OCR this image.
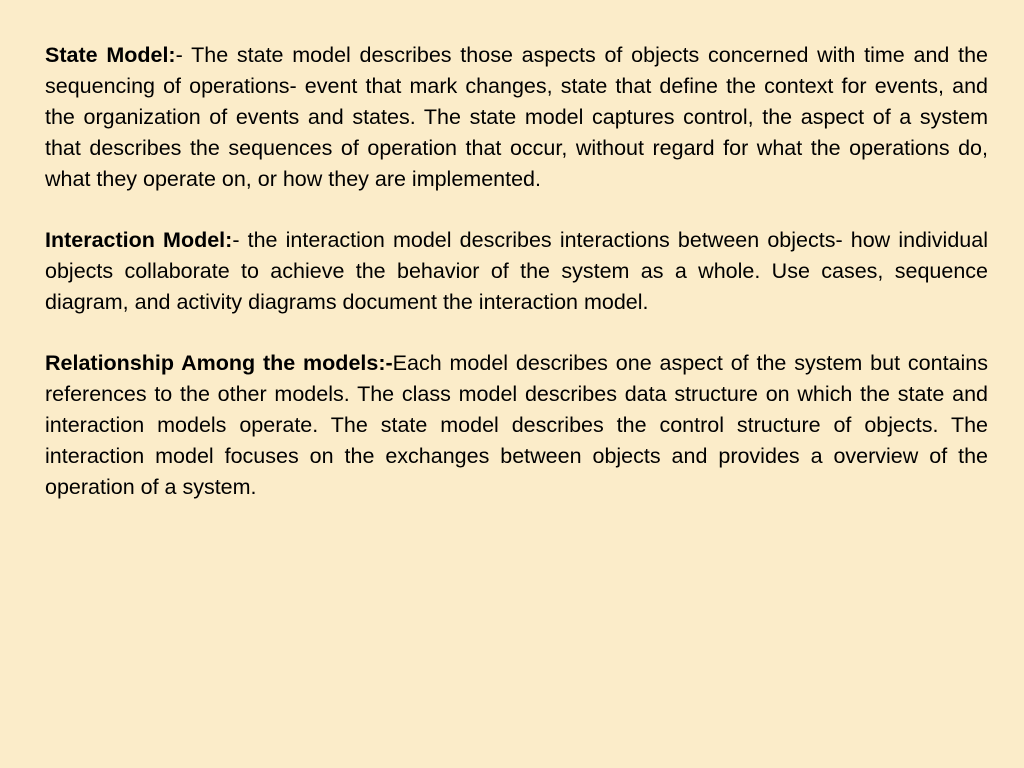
State Model:- The state model describes those aspects of objects concerned with time and the sequencing of operations- event that mark changes, state that define the context for events, and the organization of events and states. The state model captures control, the aspect of a system that describes the sequences of operation that occur, without regard for what the operations do, what they operate on, or how they are implemented.

Interaction Model:- the interaction model describes interactions between objects- how individual objects collaborate to achieve the behavior of the system as a whole. Use cases, sequence diagram, and activity diagrams document the interaction model.

Relationship Among the models:-Each model describes one aspect of the system but contains references to the other models. The class model describes data structure on which the state and interaction models operate. The state model describes the control structure of objects. The interaction model focuses on the exchanges between objects and provides a overview of the operation of a system.
